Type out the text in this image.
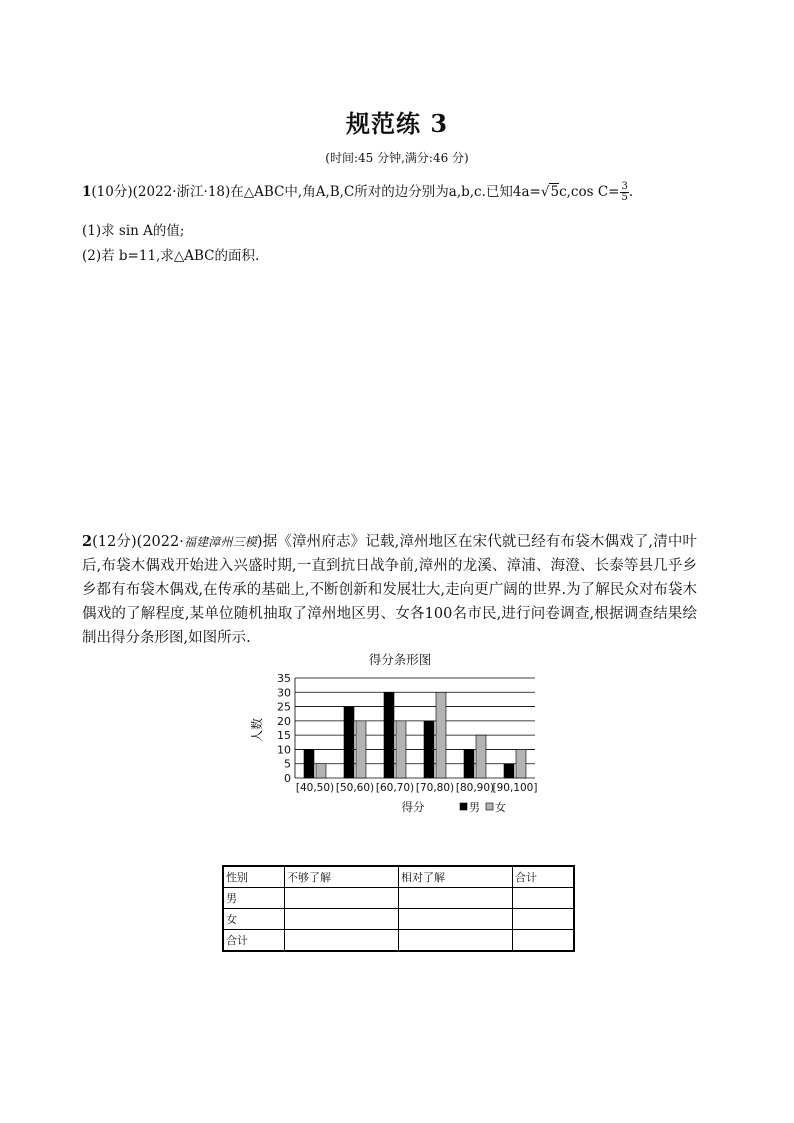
规范练 3
(时间:45 分钟,满分:46 分)
1(10分)(2022·浙江·18)在△ABC中,角A,B,C所对的边分别为a,b,c.已知4a=√5c,cos $C= \frac{3}{5}$ .
(1)求 sin A的值;
(2)若 b=11,求△ABC的面积.
2(12分)(2022·福建漳州三模)据《漳州府志》记载,漳州地区在宋代就已经有布袋木偶戏了,清中叶后,布袋木偶戏开始进入兴盛时期,一直到抗日战争前,漳州的龙溪、漳浦、海澄、长泰等县几乎乡乡都有布袋木偶戏,在传承的基础上,不断创新和发展壮大,走向更广阔的世界.为了解民众对布袋木偶戏的了解程度,某单位随机抽取了漳州地区男、女各100名市民,进行问卷调查,根据调查结果绘制出得分条形图,如图所示.
得分条形图
0
5
10
15
20
25
30
35
[40,50) [50,60) [60,70) [70,80) [80,90)
[90,100]
人数
得分	男 女
性别	不够了解	相对了解	合计
男			
女			
合计			
